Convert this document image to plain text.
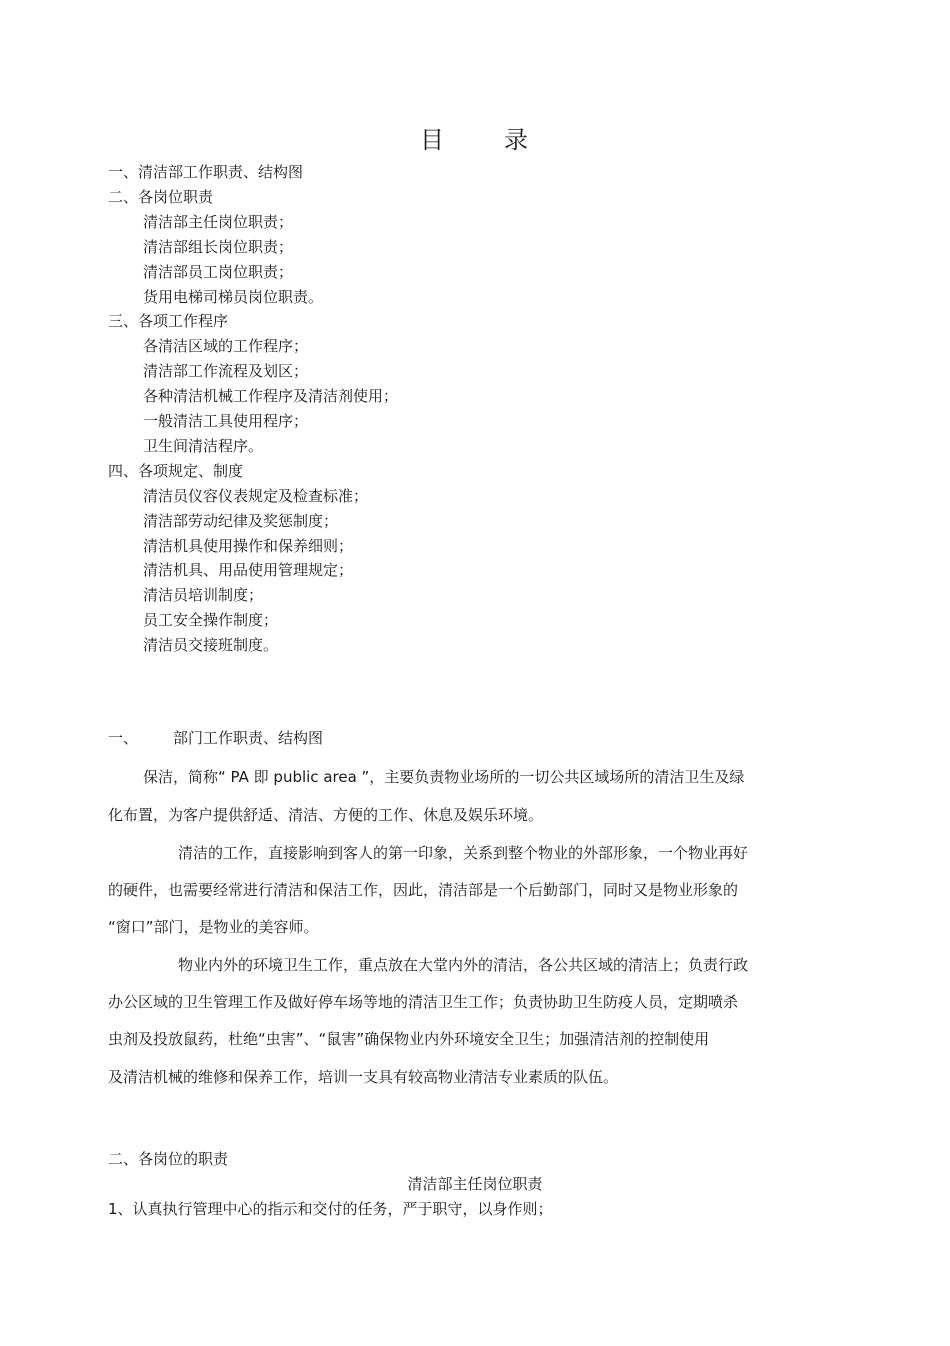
目 录
一、清洁部工作职责、结构图
二、各岗位职责
清洁部主任岗位职责；
清洁部组长岗位职责；
清洁部员工岗位职责；
货用电梯司梯员岗位职责。
三、各项工作程序
各清洁区域的工作程序；
清洁部工作流程及划区；
各种清洁机械工作程序及清洁剂使用；
一般清洁工具使用程序；
卫生间清洁程序。
四、各项规定、制度
清洁员仪容仪表规定及检查标准；
清洁部劳动纪律及奖惩制度；
清洁机具使用操作和保养细则；
清洁机具、用品使用管理规定；
清洁员培训制度；
员工安全操作制度；
清洁员交接班制度。
一、 部门工作职责、结构图
保洁，简称“ PA 即 public area ”，主要负责物业场所的一切公共区域场所的清洁卫生及绿
化布置，为客户提供舒适、清洁、方便的工作、休息及娱乐环境。
清洁的工作，直接影响到客人的第一印象，关系到整个物业的外部形象，一个物业再好
的硬件，也需要经常进行清洁和保洁工作，因此，清洁部是一个后勤部门，同时又是物业形象的
“窗口”部门，是物业的美容师。
物业内外的环境卫生工作，重点放在大堂内外的清洁，各公共区域的清洁上；负责行政
办公区域的卫生管理工作及做好停车场等地的清洁卫生工作；负责协助卫生防疫人员，定期喷杀
虫剂及投放鼠药，杜绝“虫害”、“鼠害”确保物业内外环境安全卫生；加强清洁剂的控制使用
及清洁机械的维修和保养工作，培训一支具有较高物业清洁专业素质的队伍。
二、各岗位的职责
清洁部主任岗位职责
1、认真执行管理中心的指示和交付的任务，严于职守，以身作则；
